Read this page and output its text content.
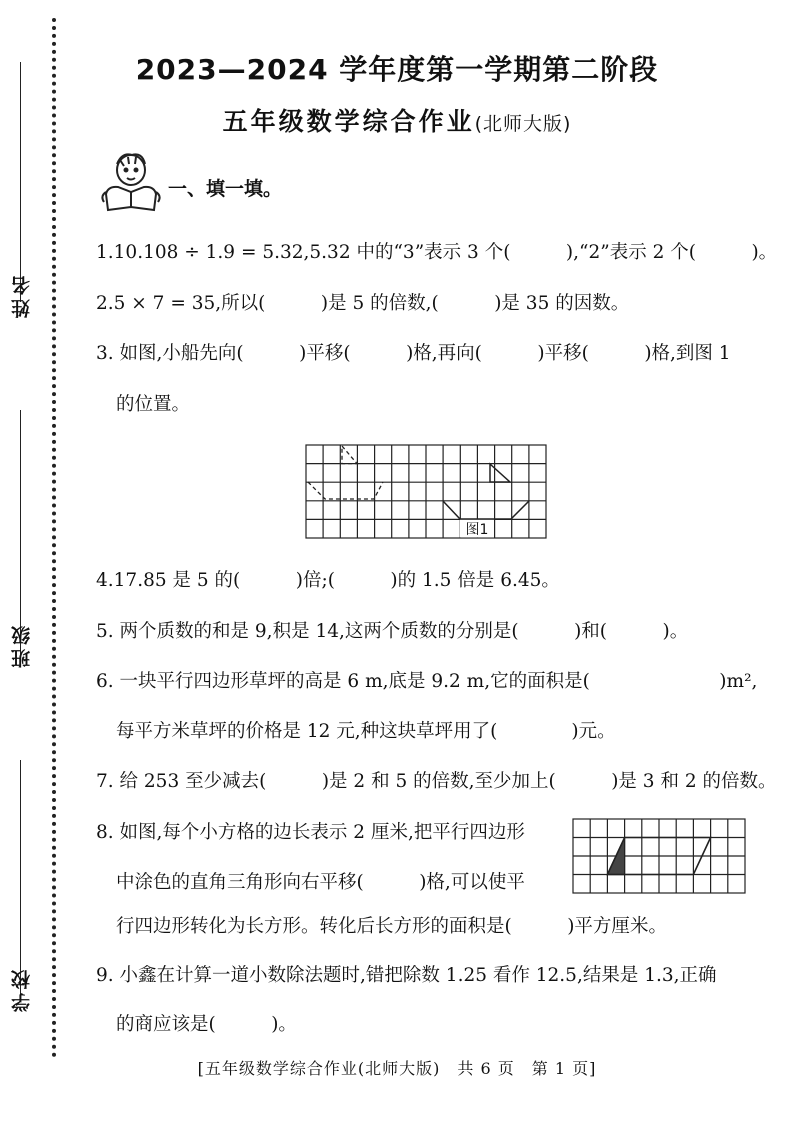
姓名
班级
学校
2023—2024 学年度第一学期第二阶段
五年级数学综合作业(北师大版)
一、填一填。
1.10.108 ÷ 1.9 = 5.32,5.32 中的“3”表示 3 个(　　　),“2”表示 2 个(　　　)。
2.5 × 7 = 35,所以(　　　)是 5 的倍数,(　　　)是 35 的因数。
3. 如图,小船先向(　　　)平移(　　　)格,再向(　　　)平移(　　　)格,到图 1
的位置。
图1
4.17.85 是 5 的(　　　)倍;(　　　)的 1.5 倍是 6.45。
5. 两个质数的和是 9,积是 14,这两个质数的分别是(　　　)和(　　　)。
6. 一块平行四边形草坪的高是 6 m,底是 9.2 m,它的面积是(　　　　　　　)m²,
每平方米草坪的价格是 12 元,种这块草坪用了(　　　　)元。
7. 给 253 至少减去(　　　)是 2 和 5 的倍数,至少加上(　　　)是 3 和 2 的倍数。
8. 如图,每个小方格的边长表示 2 厘米,把平行四边形
中涂色的直角三角形向右平移(　　　)格,可以使平
行四边形转化为长方形。转化后长方形的面积是(　　　)平方厘米。
9. 小鑫在计算一道小数除法题时,错把除数 1.25 看作 12.5,结果是 1.3,正确
的商应该是(　　　)。
[五年级数学综合作业(北师大版)　共 6 页　第 1 页]
